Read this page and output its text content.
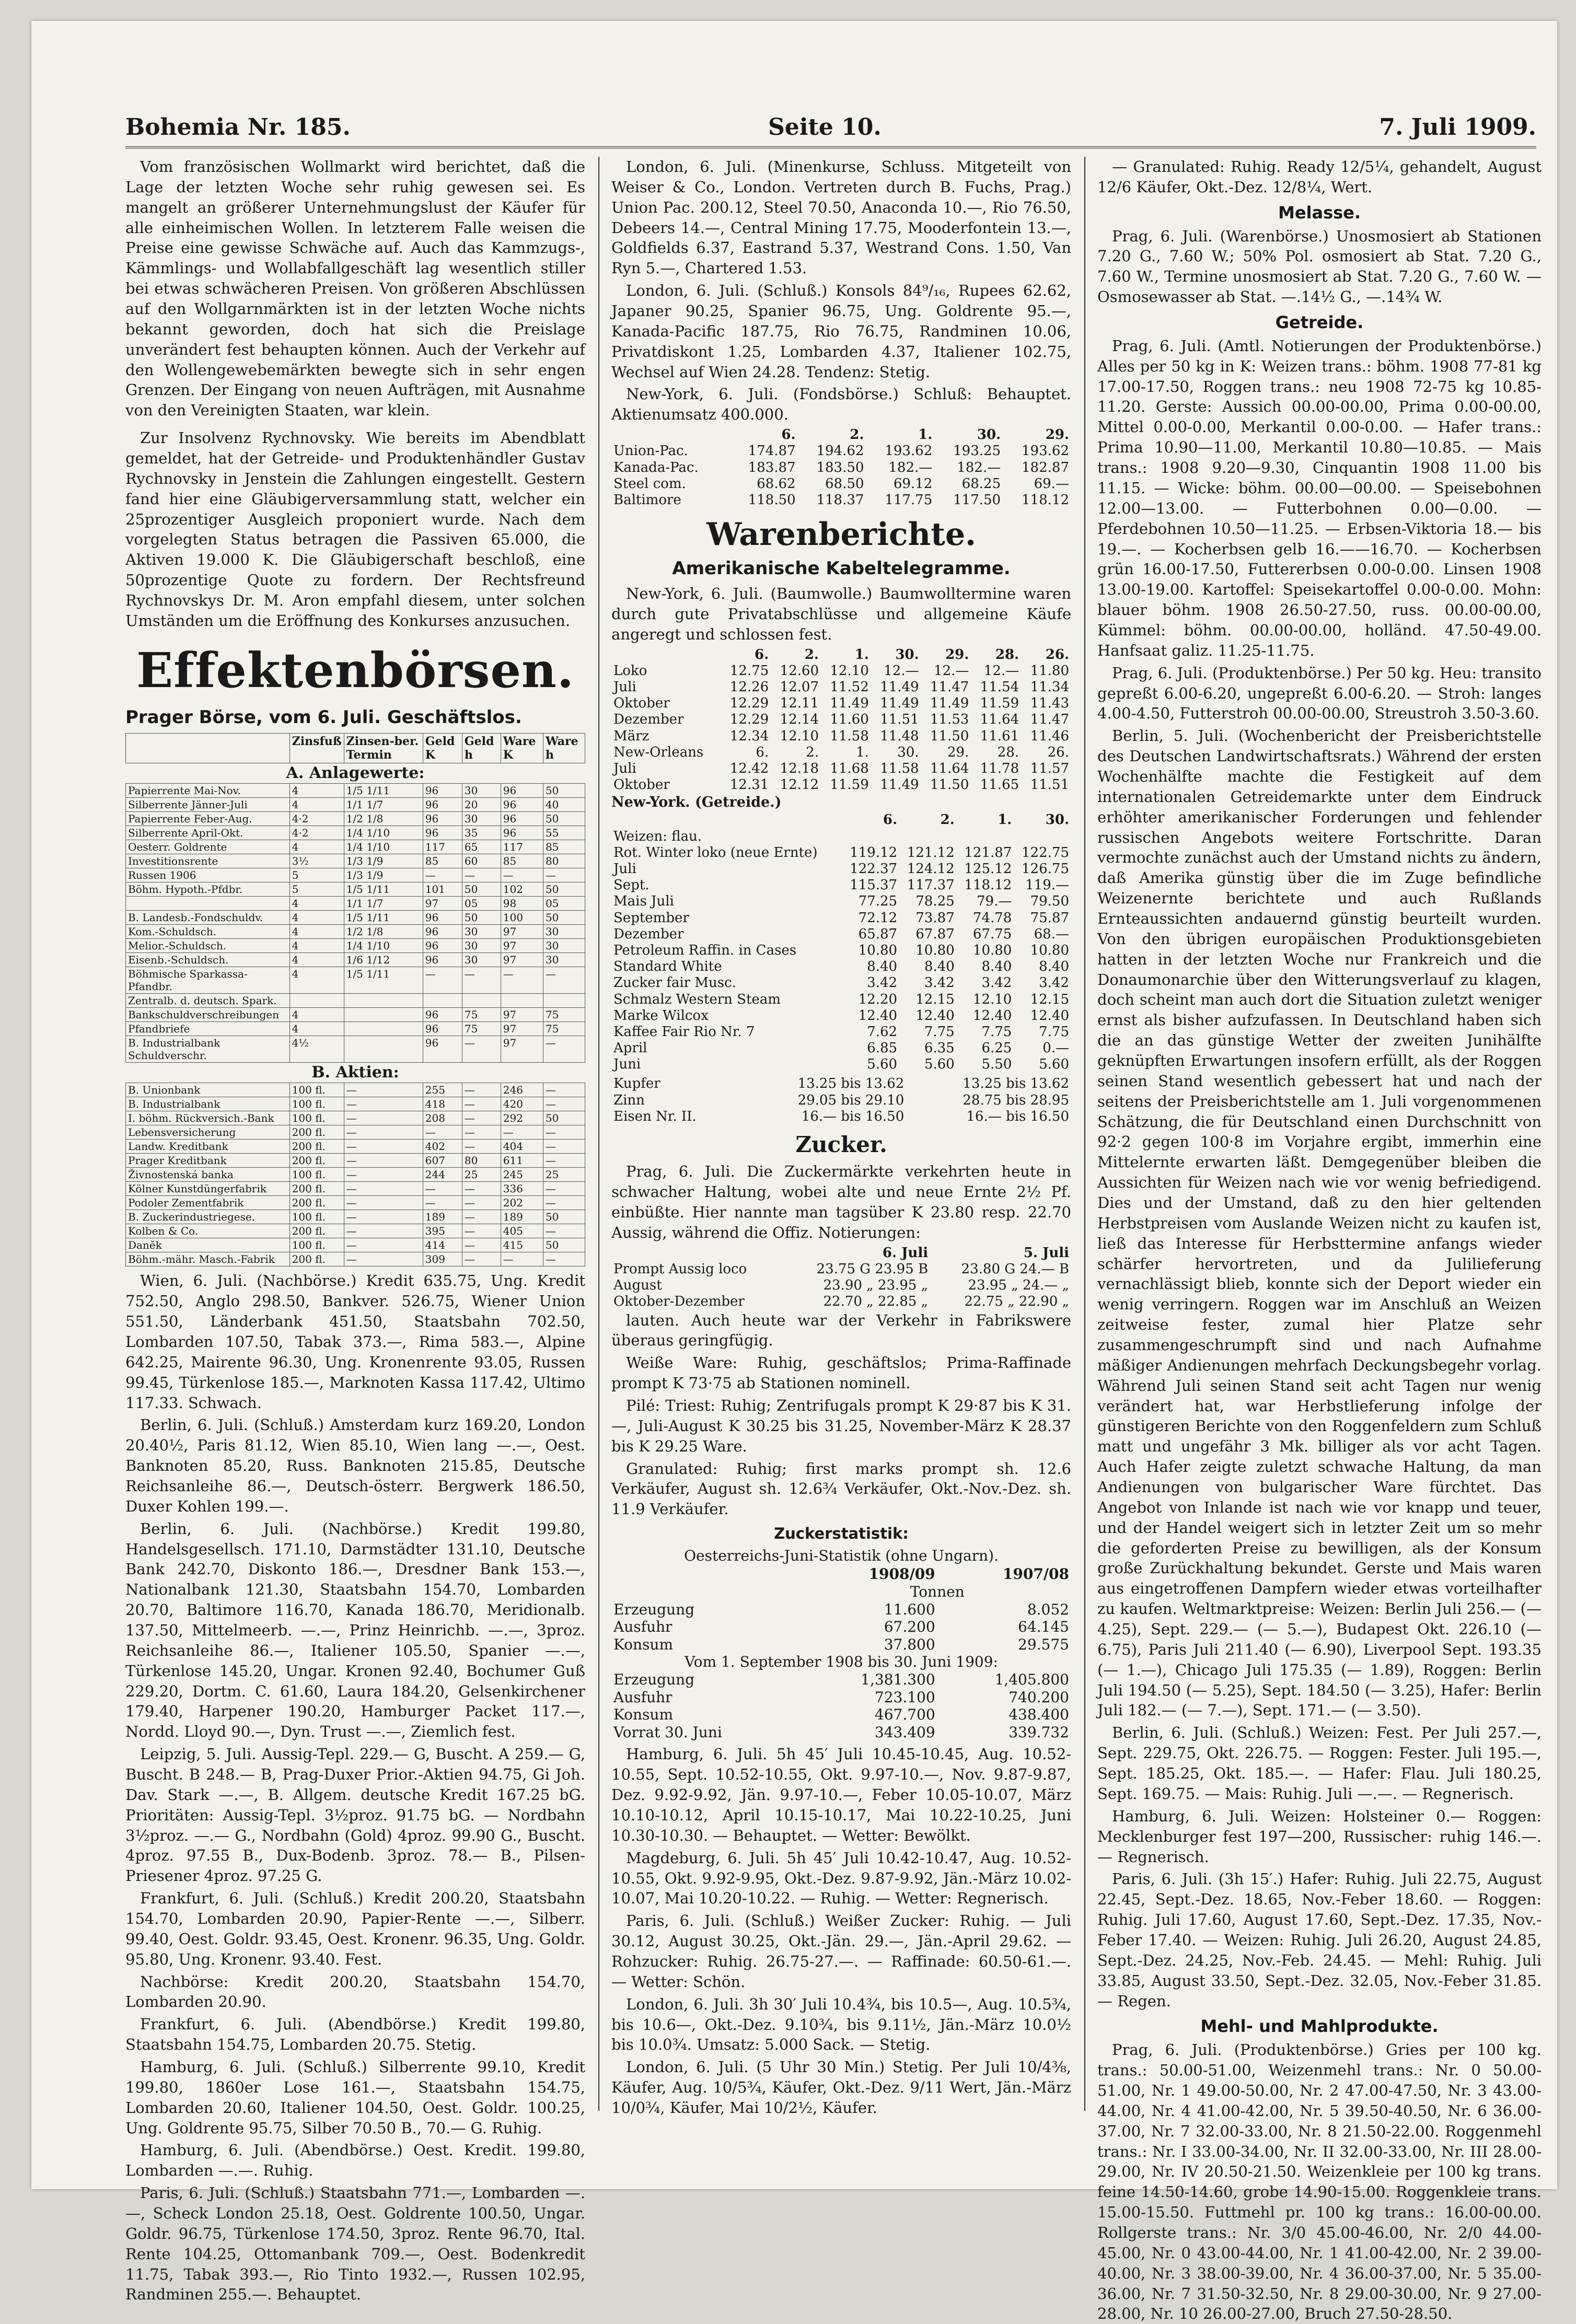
Bohemia Nr. 185.	Seite 10.	7. Juli 1909.

Vom französischen Wollmarkt wird berichtet, daß die Lage der letzten Woche sehr ruhig gewesen sei. Es mangelt an größerer Unternehmungslust der Käufer für alle einheimischen Wollen. In letzterem Falle weisen die Preise eine gewisse Schwäche auf. Auch das Kammzugs-, Kämmlings- und Wollabfallgeschäft lag wesentlich stiller bei etwas schwächeren Preisen. Von größeren Abschlüssen auf den Wollgarnmärkten ist in der letzten Woche nichts bekannt geworden, doch hat sich die Preislage unverändert fest behaupten können. Auch der Verkehr auf den Wollengewebemärkten bewegte sich in sehr engen Grenzen. Der Eingang von neuen Aufträgen, mit Ausnahme von den Vereinigten Staaten, war klein.

Zur Insolvenz Rychnovsky. Wie bereits im Abendblatt gemeldet, hat der Getreide- und Produktenhändler Gustav Rychnovsky in Jenstein die Zahlungen eingestellt. Gestern fand hier eine Gläubigerversammlung statt, welcher ein 25prozentiger Ausgleich proponiert wurde. Nach dem vorgelegten Status betragen die Passiven 65.000, die Aktiven 19.000 K. Die Gläubigerschaft beschloß, eine 50prozentige Quote zu fordern. Der Rechtsfreund Rychnovskys Dr. M. Aron empfahl diesem, unter solchen Umständen um die Eröffnung des Konkurses anzusuchen.

Effektenbörsen.
Prager Börse, vom 6. Juli. Geschäftslos.
	Zinsfuß	Zinsen-ber. Termin	Geld K	Geld h	Ware K	Ware h
A. Anlagewerte:						
Papierrente Mai-Nov.	4	1/5 1/11	96	30	96	50
Silberrente Jänner-Juli	4	1/1 1/7	96	20	96	40
Papierrente Feber-Aug.	4·2	1/2 1/8	96	30	96	50
Silberrente April-Okt.	4·2	1/4 1/10	96	35	96	55
Oesterr. Goldrente	4	1/4 1/10	117	65	117	85
Investitionsrente	3½	1/3 1/9	85	60	85	80
Russen 1906	5	1/3 1/9	—	—	—	—
Böhm. Hypoth.-Pfdbr.	5	1/5 1/11	101	50	102	50
	4	1/1 1/7	97	05	98	05
B. Landesb.-Fondschuldv.	4	1/5 1/11	96	50	100	50
Kom.-Schuldsch.	4	1/2 1/8	96	30	97	30
Melior.-Schuldsch.	4	1/4 1/10	96	30	97	30
Eisenb.-Schuldsch.	4	1/6 1/12	96	30	97	30
Böhmische Sparkassa-Pfandbr.	4	1/5 1/11	—	—	—	—
Zentralb. d. deutsch. Spark.						
Bankschuldverschreibungen	4		96	75	97	75
Pfandbriefe	4		96	75	97	75
B. Industrialbank Schuldverschr.	4½		96	—	97	—
B. Aktien:						
B. Unionbank	100 fl.	—	255	—	246	—
B. Industrialbank	100 fl.	—	418	—	420	—
I. böhm. Rückversich.-Bank	100 fl.	—	208	—	292	50
Lebensversicherung	200 fl.	—	—	—	—	—
Landw. Kreditbank	200 fl.	—	402	—	404	—
Prager Kreditbank	200 fl.	—	607	80	611	—
Živnostenská banka	100 fl.	—	244	25	245	25
Kölner Kunstdüngerfabrik	200 fl.	—	—	—	336	—
Podoler Zementfabrik	200 fl.	—	—	—	202	—
B. Zuckerindustriegese.	100 fl.	—	189	—	189	50
Kolben & Co.	200 fl.	—	395	—	405	—
Daněk	100 fl.	—	414	—	415	50
Böhm.-mähr. Masch.-Fabrik	200 fl.	—	309	—	—	—

Wien, 6. Juli. (Nachbörse.) Kredit 635.75, Ung. Kredit 752.50, Anglo 298.50, Bankver. 526.75, Wiener Union 551.50, Länderbank 451.50, Staatsbahn 702.50, Lombarden 107.50, Tabak 373.—, Rima 583.—, Alpine 642.25, Mairente 96.30, Ung. Kronenrente 93.05, Russen 99.45, Türkenlose 185.—, Marknoten Kassa 117.42, Ultimo 117.33. Schwach.

Berlin, 6. Juli. (Schluß.) Amsterdam kurz 169.20, London 20.40½, Paris 81.12, Wien 85.10, Wien lang —.—, Oest. Banknoten 85.20, Russ. Banknoten 215.85, Deutsche Reichsanleihe 86.—, Deutsch-österr. Bergwerk 186.50, Duxer Kohlen 199.—.

Berlin, 6. Juli. (Nachbörse.) Kredit 199.80, Handelsgesellsch. 171.10, Darmstädter 131.10, Deutsche Bank 242.70, Diskonto 186.—, Dresdner Bank 153.—, Nationalbank 121.30, Staatsbahn 154.70, Lombarden 20.70, Baltimore 116.70, Kanada 186.70, Meridionalb. 137.50, Mittelmeerb. —.—, Prinz Heinrichb. —.—, 3proz. Reichsanleihe 86.—, Italiener 105.50, Spanier —.—, Türkenlose 145.20, Ungar. Kronen 92.40, Bochumer Guß 229.20, Dortm. C. 61.60, Laura 184.20, Gelsenkirchener 179.40, Harpener 190.20, Hamburger Packet 117.—, Nordd. Lloyd 90.—, Dyn. Trust —.—, Ziemlich fest.

Leipzig, 5. Juli. Aussig-Tepl. 229.— G, Buscht. A 259.— G, Buscht. B 248.— B, Prag-Duxer Prior.-Aktien 94.75, Gi Joh. Dav. Stark —.—, B. Allgem. deutsche Kredit 167.25 bG. Prioritäten: Aussig-Tepl. 3½proz. 91.75 bG. — Nordbahn 3½proz. —.— G., Nordbahn (Gold) 4proz. 99.90 G., Buscht. 4proz. 97.55 B., Dux-Bodenb. 3proz. 78.— B., Pilsen-Priesener 4proz. 97.25 G.

Frankfurt, 6. Juli. (Schluß.) Kredit 200.20, Staatsbahn 154.70, Lombarden 20.90, Papier-Rente —.—, Silberr. 99.40, Oest. Goldr. 93.45, Oest. Kronenr. 96.35, Ung. Goldr. 95.80, Ung. Kronenr. 93.40. Fest.

Nachbörse: Kredit 200.20, Staatsbahn 154.70, Lombarden 20.90.

Frankfurt, 6. Juli. (Abendbörse.) Kredit 199.80, Staatsbahn 154.75, Lombarden 20.75. Stetig.

Hamburg, 6. Juli. (Schluß.) Silberrente 99.10, Kredit 199.80, 1860er Lose 161.—, Staatsbahn 154.75, Lombarden 20.60, Italiener 104.50, Oest. Goldr. 100.25, Ung. Goldrente 95.75, Silber 70.50 B., 70.— G. Ruhig.

Hamburg, 6. Juli. (Abendbörse.) Oest. Kredit. 199.80, Lombarden —.—. Ruhig.

Paris, 6. Juli. (Schluß.) Staatsbahn 771.—, Lombarden —.—, Scheck London 25.18, Oest. Goldrente 100.50, Ungar. Goldr. 96.75, Türkenlose 174.50, 3proz. Rente 96.70, Ital. Rente 104.25, Ottomanbank 709.—, Oest. Bodenkredit 11.75, Tabak 393.—, Rio Tinto 1932.—, Russen 102.95, Randminen 255.—. Behauptet.

London, 6. Juli. (Minenkurse, Schluss. Mitgeteilt von Weiser & Co., London. Vertreten durch B. Fuchs, Prag.) Union Pac. 200.12, Steel 70.50, Anaconda 10.—, Rio 76.50, Debeers 14.—, Central Mining 17.75, Mooderfontein 13.—, Goldfields 6.37, Eastrand 5.37, Westrand Cons. 1.50, Van Ryn 5.—, Chartered 1.53.

London, 6. Juli. (Schluß.) Konsols 84⁹/₁₆, Rupees 62.62, Japaner 90.25, Spanier 96.75, Ung. Goldrente 95.—, Kanada-Pacific 187.75, Rio 76.75, Randminen 10.06, Privatdiskont 1.25, Lombarden 4.37, Italiener 102.75, Wechsel auf Wien 24.28. Tendenz: Stetig.

New-York, 6. Juli. (Fondsbörse.) Schluß: Behauptet. Aktienumsatz 400.000.

	6.	2.	1.	30.	29.
Union-Pac.	174.87	194.62	193.62	193.25	193.62
Kanada-Pac.	183.87	183.50	182.—	182.—	182.87
Steel com.	68.62	68.50	69.12	68.25	69.—
Baltimore	118.50	118.37	117.75	117.50	118.12
Warenberichte.
Amerikanische Kabeltelegramme.

New-York, 6. Juli. (Baumwolle.) Baumwolltermine waren durch gute Privatabschlüsse und allgemeine Käufe angeregt und schlossen fest.

	6.	2.	1.	30.	29.	28.	26.
Loko	12.75	12.60	12.10	12.—	12.—	12.—	11.80
Juli	12.26	12.07	11.52	11.49	11.47	11.54	11.34
Oktober	12.29	12.11	11.49	11.49	11.49	11.59	11.43
Dezember	12.29	12.14	11.60	11.51	11.53	11.64	11.47
März	12.34	12.10	11.58	11.48	11.50	11.61	11.46
New-Orleans	6.	2.	1.	30.	29.	28.	26.
Juli	12.42	12.18	11.68	11.58	11.64	11.78	11.57
Oktober	12.31	12.12	11.59	11.49	11.50	11.65	11.51
New-York. (Getreide.)
	6.	2.	1.	30.
Weizen: flau.				
Rot. Winter loko (neue Ernte)	119.12	121.12	121.87	122.75
Juli	122.37	124.12	125.12	126.75
Sept.	115.37	117.37	118.12	119.—
Mais Juli	77.25	78.25	79.—	79.50
September	72.12	73.87	74.78	75.87
Dezember	65.87	67.87	67.75	68.—
Petroleum Raffin. in Cases	10.80	10.80	10.80	10.80
Standard White	8.40	8.40	8.40	8.40
Zucker fair Musc.	3.42	3.42	3.42	3.42
Schmalz Western Steam	12.20	12.15	12.10	12.15
Marke Wilcox	12.40	12.40	12.40	12.40
Kaffee Fair Rio Nr. 7	7.62	7.75	7.75	7.75
April	6.85	6.35	6.25	0.—
Juni	5.60	5.60	5.50	5.60
Kupfer	13.25 bis 13.62	13.25 bis 13.62
Zinn	29.05 bis 29.10	28.75 bis 28.95
Eisen Nr. II.	16.— bis 16.50	16.— bis 16.50
Zucker.

Prag, 6. Juli. Die Zuckermärkte verkehrten heute in schwacher Haltung, wobei alte und neue Ernte 2½ Pf. einbüßte. Hier nannte man tagsüber K 23.80 resp. 22.70 Aussig, während die Offiz. Notierungen:

	6. Juli	5. Juli
Prompt Aussig loco	23.75 G 23.95 B	23.80 G 24.— B
August	23.90 „ 23.95 „	23.95 „ 24.— „
Oktober-Dezember	22.70 „ 22.85 „	22.75 „ 22.90 „

lauten. Auch heute war der Verkehr in Fabrikswere überaus geringfügig.

Weiße Ware: Ruhig, geschäftslos; Prima-Raffinade prompt K 73·75 ab Stationen nominell.

Pilé: Triest: Ruhig; Zentrifugals prompt K 29·87 bis K 31.—, Juli-August K 30.25 bis 31.25, November-März K 28.37 bis K 29.25 Ware.

Granulated: Ruhig; first marks prompt sh. 12.6 Verkäufer, August sh. 12.6¾ Verkäufer, Okt.-Nov.-Dez. sh. 11.9 Verkäufer.

Zuckerstatistik:
Oesterreichs-Juni-Statistik (ohne Ungarn).
	1908/09	1907/08
	Tonnen	
Erzeugung	11.600	8.052
Ausfuhr	67.200	64.145
Konsum	37.800	29.575
Vom 1. September 1908 bis 30. Juni 1909:		
Erzeugung	1,381.300	1,405.800
Ausfuhr	723.100	740.200
Konsum	467.700	438.400
Vorrat 30. Juni	343.409	339.732

Hamburg, 6. Juli. 5h 45′ Juli 10.45-10.45, Aug. 10.52-10.55, Sept. 10.52-10.55, Okt. 9.97-10.—, Nov. 9.87-9.87, Dez. 9.92-9.92, Jän. 9.97-10.—, Feber 10.05-10.07, März 10.10-10.12, April 10.15-10.17, Mai 10.22-10.25, Juni 10.30-10.30. — Behauptet. — Wetter: Bewölkt.

Magdeburg, 6. Juli. 5h 45′ Juli 10.42-10.47, Aug. 10.52-10.55, Okt. 9.92-9.95, Okt.-Dez. 9.87-9.92, Jän.-März 10.02-10.07, Mai 10.20-10.22. — Ruhig. — Wetter: Regnerisch.

Paris, 6. Juli. (Schluß.) Weißer Zucker: Ruhig. — Juli 30.12, August 30.25, Okt.-Jän. 29.—, Jän.-April 29.62. — Rohzucker: Ruhig. 26.75-27.—. — Raffinade: 60.50-61.—. — Wetter: Schön.

London, 6. Juli. 3h 30′ Juli 10.4¾, bis 10.5—, Aug. 10.5¾, bis 10.6—, Okt.-Dez. 9.10¾, bis 9.11½, Jän.-März 10.0½ bis 10.0¾. Umsatz: 5.000 Sack. — Stetig.

London, 6. Juli. (5 Uhr 30 Min.) Stetig. Per Juli 10/4⅜, Käufer, Aug. 10/5¾, Käufer, Okt.-Dez. 9/11 Wert, Jän.-März 10/0¾, Käufer, Mai 10/2½, Käufer.

— Granulated: Ruhig. Ready 12/5¼, gehandelt, August 12/6 Käufer, Okt.-Dez. 12/8¼, Wert.

Melasse.

Prag, 6. Juli. (Warenbörse.) Unosmosiert ab Stationen 7.20 G., 7.60 W.; 50% Pol. osmosiert ab Stat. 7.20 G., 7.60 W., Termine unosmosiert ab Stat. 7.20 G., 7.60 W. — Osmosewasser ab Stat. —.14½ G., —.14¾ W.

Getreide.

Prag, 6. Juli. (Amtl. Notierungen der Produktenbörse.) Alles per 50 kg in K: Weizen trans.: böhm. 1908 77-81 kg 17.00-17.50, Roggen trans.: neu 1908 72-75 kg 10.85-11.20. Gerste: Aussich 00.00-00.00, Prima 0.00-00.00, Mittel 0.00-0.00, Merkantil 0.00-0.00. — Hafer trans.: Prima 10.90—11.00, Merkantil 10.80—10.85. — Mais trans.: 1908 9.20—9.30, Cinquantin 1908 11.00 bis 11.15. — Wicke: böhm. 00.00—00.00. — Speisebohnen 12.00—13.00. — Futterbohnen 0.00—0.00. — Pferdebohnen 10.50—11.25. — Erbsen-Viktoria 18.— bis 19.—. — Kocherbsen gelb 16.——16.70. — Kocherbsen grün 16.00-17.50, Futtererbsen 0.00-0.00. Linsen 1908 13.00-19.00. Kartoffel: Speisekartoffel 0.00-0.00. Mohn: blauer böhm. 1908 26.50-27.50, russ. 00.00-00.00, Kümmel: böhm. 00.00-00.00, holländ. 47.50-49.00. Hanfsaat galiz. 11.25-11.75.

Prag, 6. Juli. (Produktenbörse.) Per 50 kg. Heu: transito gepreßt 6.00-6.20, ungepreßt 6.00-6.20. — Stroh: langes 4.00-4.50, Futterstroh 00.00-00.00, Streustroh 3.50-3.60.

Berlin, 5. Juli. (Wochenbericht der Preisberichtstelle des Deutschen Landwirtschaftsrats.) Während der ersten Wochenhälfte machte die Festigkeit auf dem internationalen Getreidemarkte unter dem Eindruck erhöhter amerikanischer Forderungen und fehlender russischen Angebots weitere Fortschritte. Daran vermochte zunächst auch der Umstand nichts zu ändern, daß Amerika günstig über die im Zuge befindliche Weizenernte berichtete und auch Rußlands Ernteaussichten andauernd günstig beurteilt wurden. Von den übrigen europäischen Produktionsgebieten hatten in der letzten Woche nur Frankreich und die Donaumonarchie über den Witterungsverlauf zu klagen, doch scheint man auch dort die Situation zuletzt weniger ernst als bisher aufzufassen. In Deutschland haben sich die an das günstige Wetter der zweiten Junihälfte geknüpften Erwartungen insofern erfüllt, als der Roggen seinen Stand wesentlich gebessert hat und nach der seitens der Preisberichtstelle am 1. Juli vorgenommenen Schätzung, die für Deutschland einen Durchschnitt von 92·2 gegen 100·8 im Vorjahre ergibt, immerhin eine Mittelernte erwarten läßt. Demgegenüber bleiben die Aussichten für Weizen nach wie vor wenig befriedigend. Dies und der Umstand, daß zu den hier geltenden Herbstpreisen vom Auslande Weizen nicht zu kaufen ist, ließ das Interesse für Herbsttermine anfangs wieder schärfer hervortreten, und da Julilieferung vernachlässigt blieb, konnte sich der Deport wieder ein wenig verringern. Roggen war im Anschluß an Weizen zeitweise fester, zumal hier Platze sehr zusammengeschrumpft sind und nach Aufnahme mäßiger Andienungen mehrfach Deckungsbegehr vorlag. Während Juli seinen Stand seit acht Tagen nur wenig verändert hat, war Herbstlieferung infolge der günstigeren Berichte von den Roggenfeldern zum Schluß matt und ungefähr 3 Mk. billiger als vor acht Tagen. Auch Hafer zeigte zuletzt schwache Haltung, da man Andienungen von bulgarischer Ware fürchtet. Das Angebot von Inlande ist nach wie vor knapp und teuer, und der Handel weigert sich in letzter Zeit um so mehr die geforderten Preise zu bewilligen, als der Konsum große Zurückhaltung bekundet. Gerste und Mais waren aus eingetroffenen Dampfern wieder etwas vorteilhafter zu kaufen. Weltmarktpreise: Weizen: Berlin Juli 256.— (— 4.25), Sept. 229.— (— 5.—), Budapest Okt. 226.10 (— 6.75), Paris Juli 211.40 (— 6.90), Liverpool Sept. 193.35 (— 1.—), Chicago Juli 175.35 (— 1.89), Roggen: Berlin Juli 194.50 (— 5.25), Sept. 184.50 (— 3.25), Hafer: Berlin Juli 182.— (— 7.—), Sept. 171.— (— 3.50).

Berlin, 6. Juli. (Schluß.) Weizen: Fest. Per Juli 257.—, Sept. 229.75, Okt. 226.75. — Roggen: Fester. Juli 195.—, Sept. 185.25, Okt. 185.—. — Hafer: Flau. Juli 180.25, Sept. 169.75. — Mais: Ruhig. Juli —.—. — Regnerisch.

Hamburg, 6. Juli. Weizen: Holsteiner 0.— Roggen: Mecklenburger fest 197—200, Russischer: ruhig 146.—. — Regnerisch.

Paris, 6. Juli. (3h 15′.) Hafer: Ruhig. Juli 22.75, August 22.45, Sept.-Dez. 18.65, Nov.-Feber 18.60. — Roggen: Ruhig. Juli 17.60, August 17.60, Sept.-Dez. 17.35, Nov.-Feber 17.40. — Weizen: Ruhig. Juli 26.20, August 24.85, Sept.-Dez. 24.25, Nov.-Feb. 24.45. — Mehl: Ruhig. Juli 33.85, August 33.50, Sept.-Dez. 32.05, Nov.-Feber 31.85. — Regen.

Mehl- und Mahlprodukte.

Prag, 6. Juli. (Produktenbörse.) Gries per 100 kg. trans.: 50.00-51.00, Weizenmehl trans.: Nr. 0 50.00-51.00, Nr. 1 49.00-50.00, Nr. 2 47.00-47.50, Nr. 3 43.00-44.00, Nr. 4 41.00-42.00, Nr. 5 39.50-40.50, Nr. 6 36.00-37.00, Nr. 7 32.00-33.00, Nr. 8 21.50-22.00. Roggenmehl trans.: Nr. I 33.00-34.00, Nr. II 32.00-33.00, Nr. III 28.00-29.00, Nr. IV 20.50-21.50. Weizenkleie per 100 kg trans. feine 14.50-14.60, grobe 14.90-15.00. Roggenkleie trans. 15.00-15.50. Futtmehl pr. 100 kg trans.: 16.00-00.00. Rollgerste trans.: Nr. 3/0 45.00-46.00, Nr. 2/0 44.00-45.00, Nr. 0 43.00-44.00, Nr. 1 41.00-42.00, Nr. 2 39.00-40.00, Nr. 3 38.00-39.00, Nr. 4 36.00-37.00, Nr. 5 35.00-36.00, Nr. 7 31.50-32.50, Nr. 8 29.00-30.00, Nr. 9 27.00-28.00, Nr. 10 26.00-27.00, Bruch 27.50-28.50.
